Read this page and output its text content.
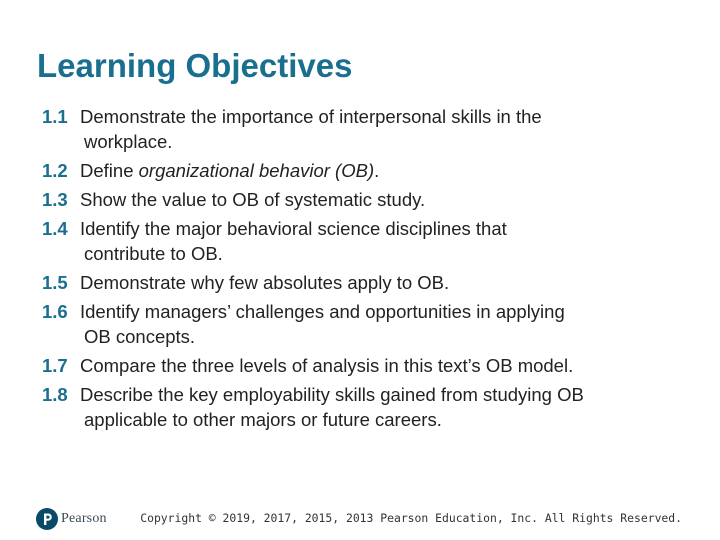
Learning Objectives
1.1 Demonstrate the importance of interpersonal skills in the
workplace.
1.2 Define organizational behavior (OB).
1.3 Show the value to OB of systematic study.
1.4 Identify the major behavioral science disciplines that
contribute to OB.
1.5 Demonstrate why few absolutes apply to OB.
1.6 Identify managers’ challenges and opportunities in applying
OB concepts.
1.7 Compare the three levels of analysis in this text’s OB model.
1.8 Describe the key employability skills gained from studying OB
applicable to other majors or future careers.
Pearson	Copyright © 2019, 2017, 2015, 2013 Pearson Education, Inc. All Rights Reserved.
